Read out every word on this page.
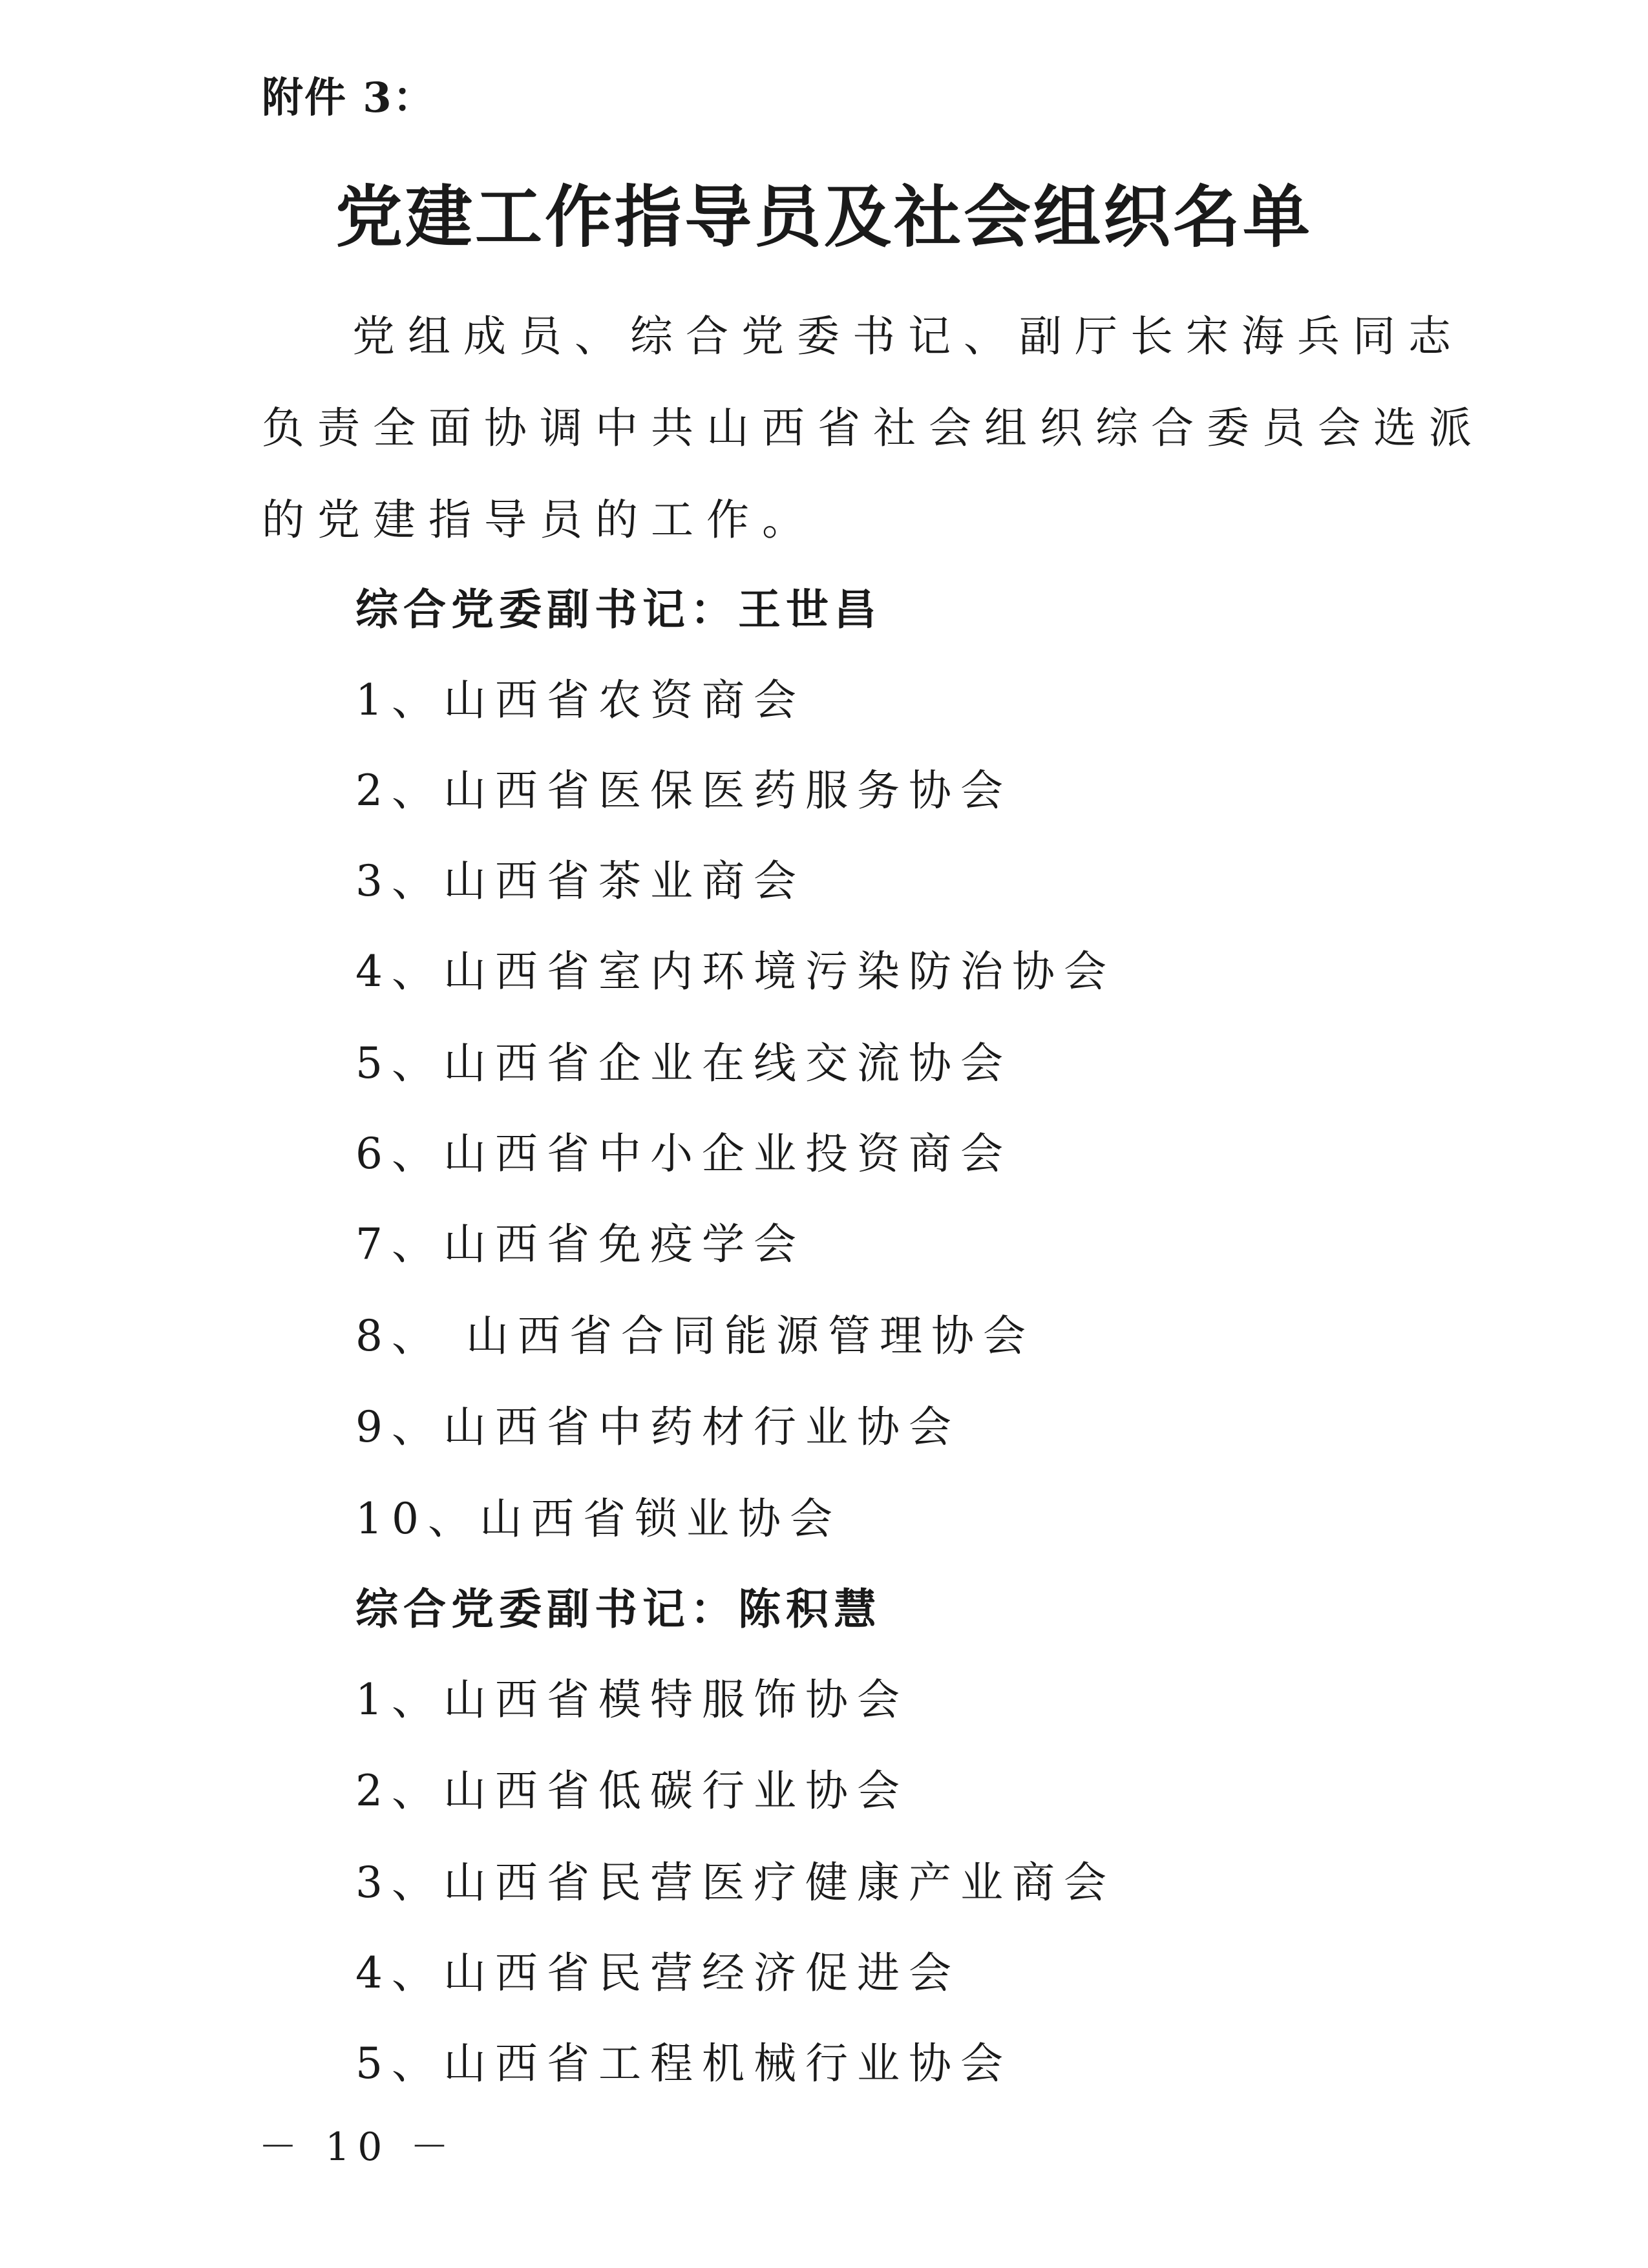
附件 3：
党建工作指导员及社会组织名单
党组成员、综合党委书记、副厅长宋海兵同志负责全面协调中共山西省社会组织综合委员会选派的党建指导员的工作。
综合党委副书记：王世昌
1、山西省农资商会
2、山西省医保医药服务协会
3、山西省茶业商会
4、山西省室内环境污染防治协会
5、山西省企业在线交流协会
6、山西省中小企业投资商会
7、山西省免疫学会
8、 山西省合同能源管理协会
9、山西省中药材行业协会
10、山西省锁业协会
综合党委副书记：陈积慧
1、山西省模特服饰协会
2、山西省低碳行业协会
3、山西省民营医疗健康产业商会
4、山西省民营经济促进会
5、山西省工程机械行业协会
－ 10 －
